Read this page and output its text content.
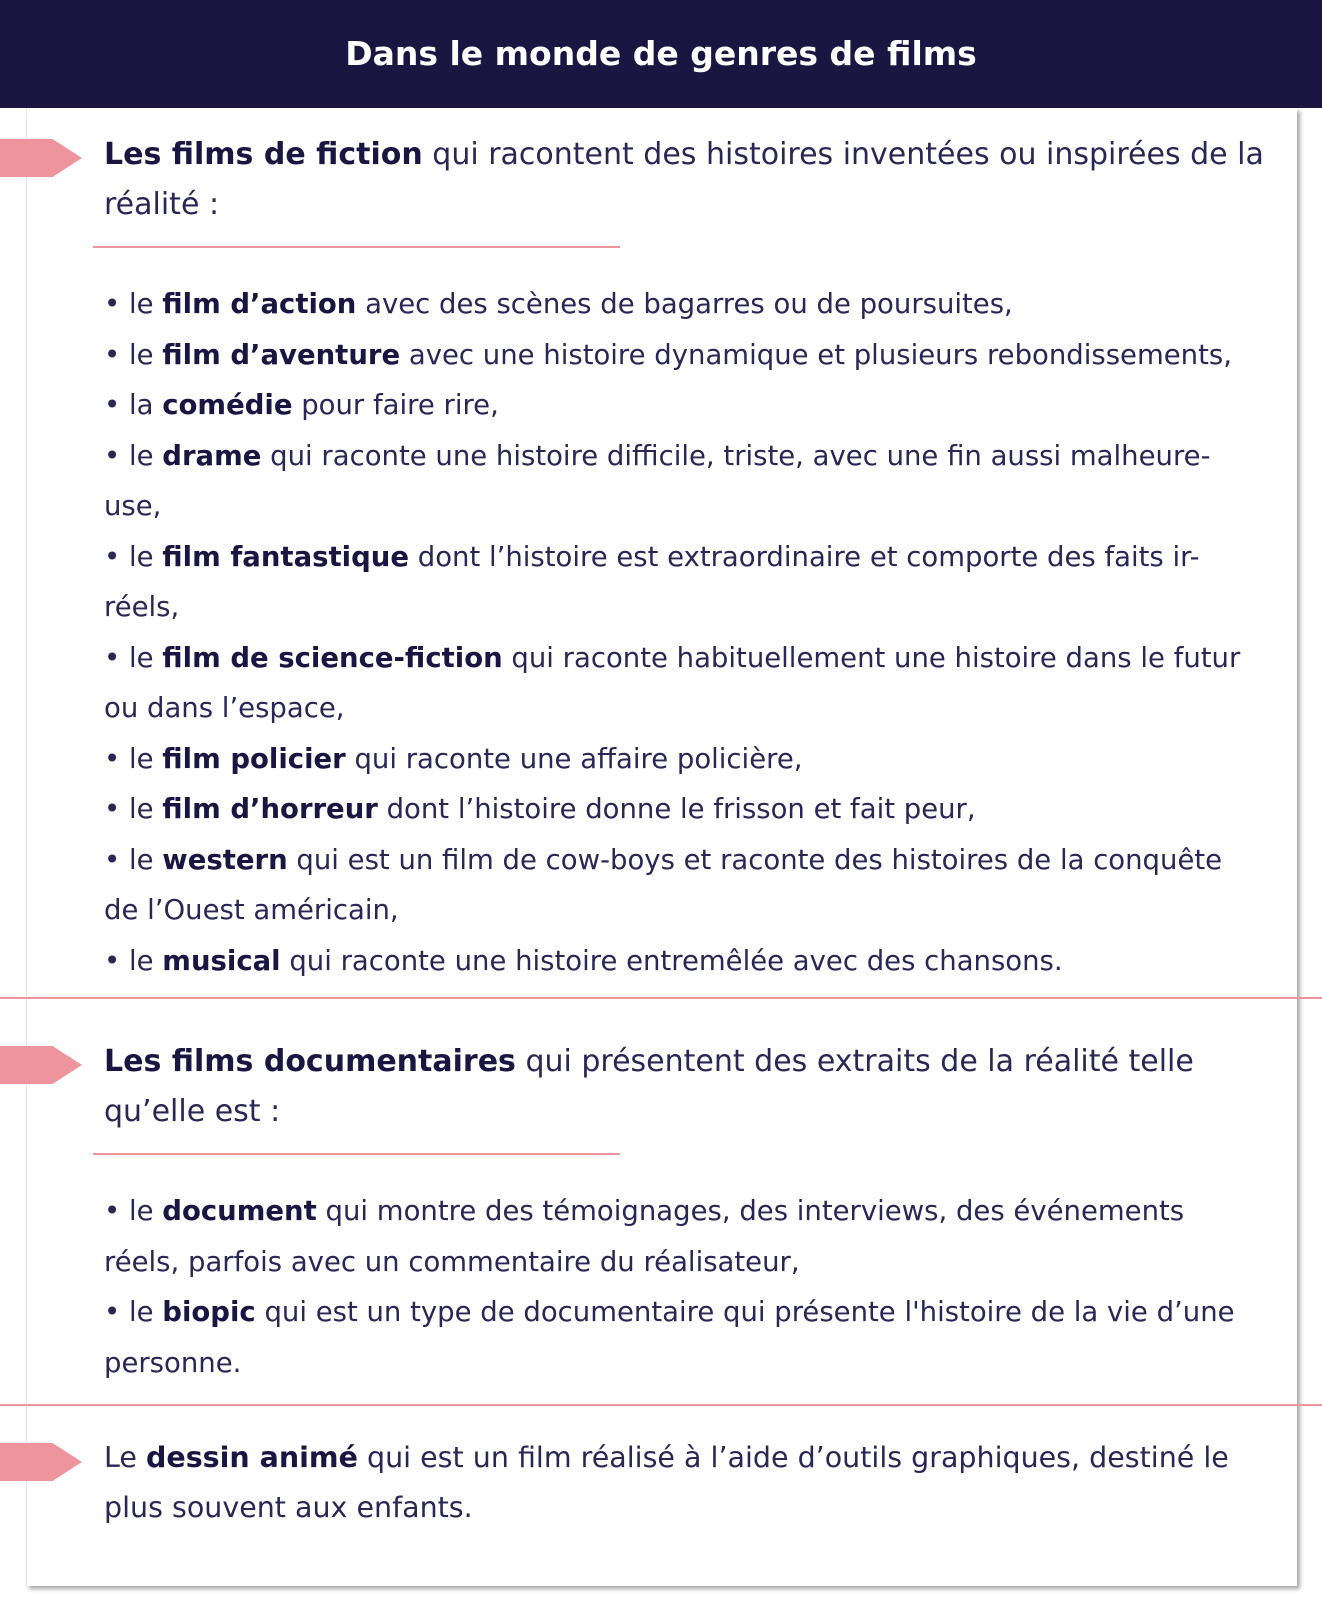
Dans le monde de genres de films
Les films de fiction qui racontent des histoires inventées ou inspirées de la réalité :
• le film d’action avec des scènes de bagarres ou de poursuites,
• le film d’aventure avec une histoire dynamique et plusieurs rebondissements,
• la comédie pour faire rire,
• le drame qui raconte une histoire difficile, triste, avec une fin aussi malheure-use,
• le film fantastique dont l’histoire est extraordinaire et comporte des faits ir-réels,
• le film de science-fiction qui raconte habituellement une histoire dans le futur ou dans l’espace,
• le film policier qui raconte une affaire policière,
• le film d’horreur dont l’histoire donne le frisson et fait peur,
• le western qui est un film de cow-boys et raconte des histoires de la conquête de l’Ouest américain,
• le musical qui raconte une histoire entremêlée avec des chansons.
Les films documentaires qui présentent des extraits de la réalité telle qu’elle est :
• le document qui montre des témoignages, des interviews, des événements réels, parfois avec un commentaire du réalisateur,
• le biopic qui est un type de documentaire qui présente l'histoire de la vie d’une personne.
Le dessin animé qui est un film réalisé à l’aide d’outils graphiques, destiné le plus souvent aux enfants.
